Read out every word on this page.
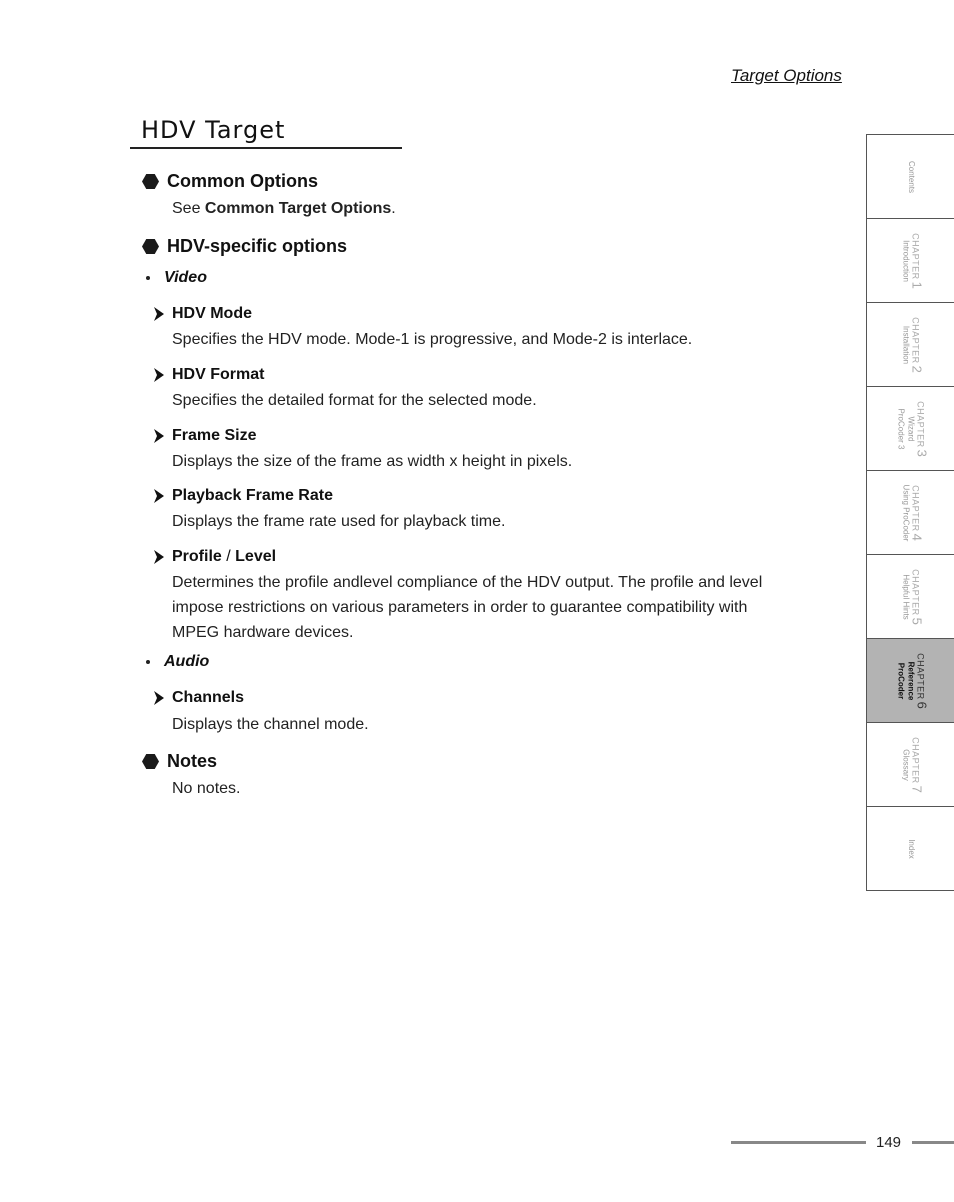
Target Options
HDV Target
Common Options
See Common Target Options.
HDV-specific options
Video
HDV Mode
Specifies the HDV mode. Mode-1 is progressive, and Mode-2 is interlace.
HDV Format
Specifies the detailed format for the selected mode.
Frame Size
Displays the size of the frame as width x height in pixels.
Playback Frame Rate
Displays the frame rate used for playback time.
Profile
/
Level
Determines the profile andlevel compliance of the HDV output. The profile and level
impose restrictions on various parameters in order to guarantee compatibility with
MPEG hardware devices.
Audio
Channels
Displays the channel mode.
Notes
No notes.
Contents
Introduction CHAPTER
1
Installation CHAPTER
2
Wizard
ProCoder 3 CHAPTER
3
Using ProCoder CHAPTER
4
Helpful Hints CHAPTER
5
Reference
ProCoder CHAPTER
6
Glossary CHAPTER
7
Index
149
